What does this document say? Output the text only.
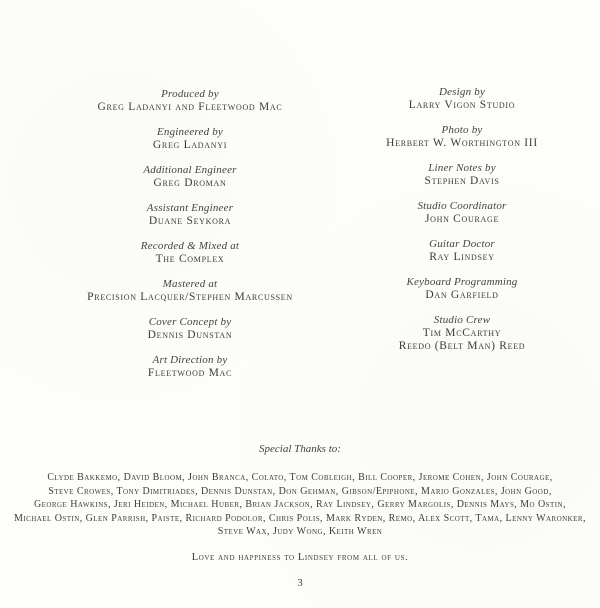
Produced by
Greg Ladanyi and Fleetwood Mac
Engineered by
Greg Ladanyi
Additional Engineer
Greg Droman
Assistant Engineer
Duane Seykora
Recorded & Mixed at
The Complex
Mastered at
Precision Lacquer/Stephen Marcussen
Cover Concept by
Dennis Dunstan
Art Direction by
Fleetwood Mac
Design by
Larry Vigon Studio
Photo by
Herbert W. Worthington III
Liner Notes by
Stephen Davis
Studio Coordinator
John Courage
Guitar Doctor
Ray Lindsey
Keyboard Programming
Dan Garfield
Studio Crew
Tim McCarthy
Reedo (Belt Man) Reed
Special Thanks to:
Clyde Bakkemo, David Bloom, John Branca, Colato, Tom Cobleigh, Bill Cooper, Jerome Cohen, John Courage,
Steve Crowes, Tony Dimitriades, Dennis Dunstan, Don Gehman, Gibson/Epiphone, Mario Gonzales, John Good,
George Hawkins, Jeri Heiden, Michael Huber, Brian Jackson, Ray Lindsey, Gerry Margolis, Dennis Mays, Mo Ostin,
Michael Ostin, Glen Parrish, Paiste, Richard Podolor, Chris Polis, Mark Ryden, Remo, Alex Scott, Tama, Lenny Waronker,
Steve Wax, Judy Wong, Keith Wren
Love and happiness to Lindsey from all of us.
3
